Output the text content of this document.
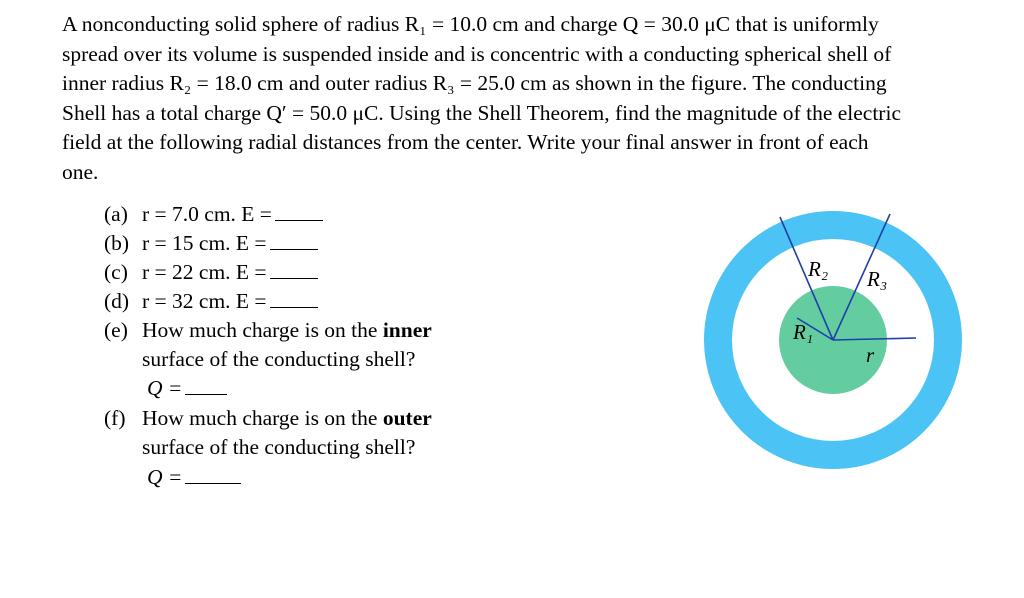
A nonconducting solid sphere of radius R₁ = 10.0 cm and charge Q = 30.0 μC that is uniformly
spread over its volume is suspended inside and is concentric with a conducting spherical shell of
inner radius R₂ = 18.0 cm and outer radius R₃ = 25.0 cm as shown in the figure. The conducting
Shell has a total charge Q′ = 50.0 μC. Using the Shell Theorem, find the magnitude of the electric
field at the following radial distances from the center. Write your final answer in front of each
one.
(a) r = 7.0 cm. E =
(b) r = 15 cm. E =
(c) r = 22 cm. E =
(d) r = 32 cm. E =
(e) How much charge is on the inner
surface of the conducting shell?
Q =
(f) How much charge is on the outer
surface of the conducting shell?
Q =
R₂ R₃
R₁
r
